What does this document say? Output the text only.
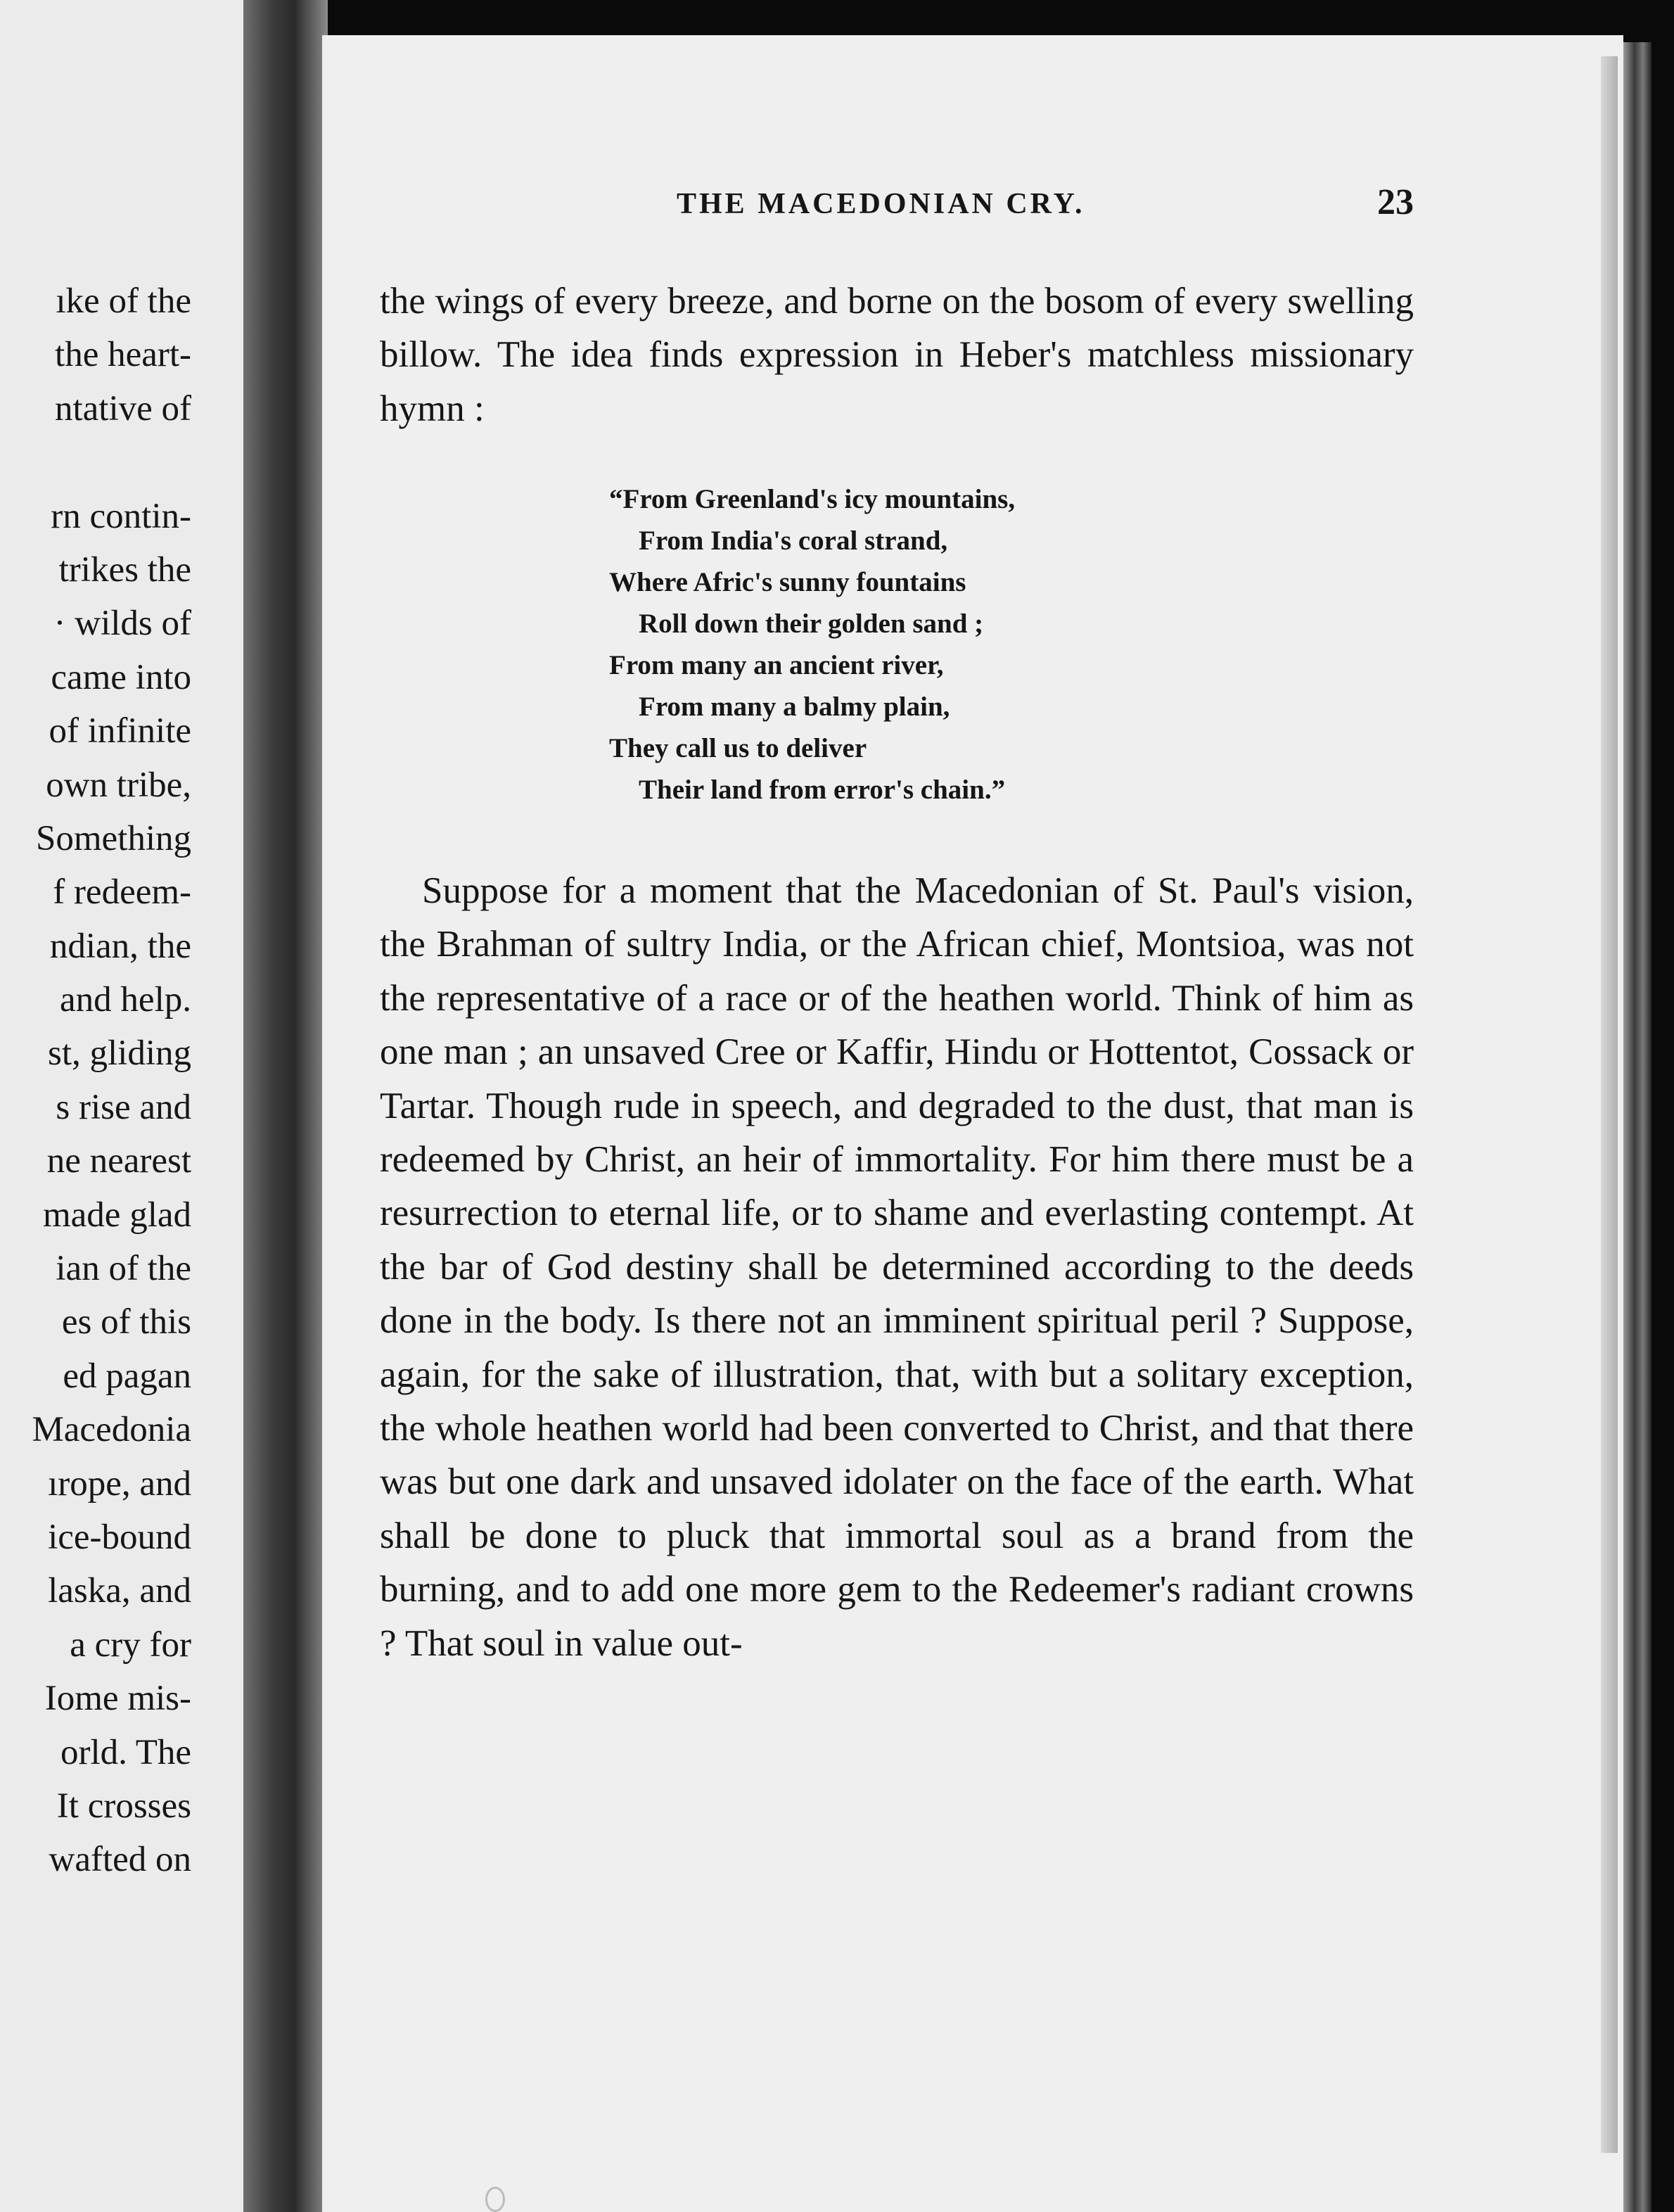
ıke of the
the heart-
ntative of
rn contin-
trikes the
· wilds of
came into
of infinite
own tribe,
Something
f redeem-
ndian, the
and help.
st, gliding
s rise and
ne nearest
made glad
ian of the
es of this
ed pagan
Macedonia
ırope, and
ice-bound
laska, and
a cry for
Iome mis-
orld. The
It crosses
wafted on
THE MACEDONIAN CRY.	23
the wings of every breeze, and borne on the bosom of every swelling billow. The idea finds expression in Heber's matchless missionary hymn :
“From Greenland's icy mountains,
From India's coral strand,
Where Afric's sunny fountains
Roll down their golden sand ;
From many an ancient river,
From many a balmy plain,
They call us to deliver
Their land from error's chain.”
Suppose for a moment that the Macedonian of St. Paul's vision, the Brahman of sultry India, or the African chief, Montsioa, was not the representative of a race or of the heathen world. Think of him as one man ; an unsaved Cree or Kaffir, Hindu or Hottentot, Cossack or Tartar. Though rude in speech, and degraded to the dust, that man is redeemed by Christ, an heir of immortality. For him there must be a resurrection to eternal life, or to shame and everlasting contempt. At the bar of God destiny shall be determined according to the deeds done in the body. Is there not an imminent spiritual peril ? Suppose, again, for the sake of illustration, that, with but a solitary exception, the whole heathen world had been converted to Christ, and that there was but one dark and unsaved idolater on the face of the earth. What shall be done to pluck that immortal soul as a brand from the burning, and to add one more gem to the Redeemer's radiant crowns ? That soul in value out-
